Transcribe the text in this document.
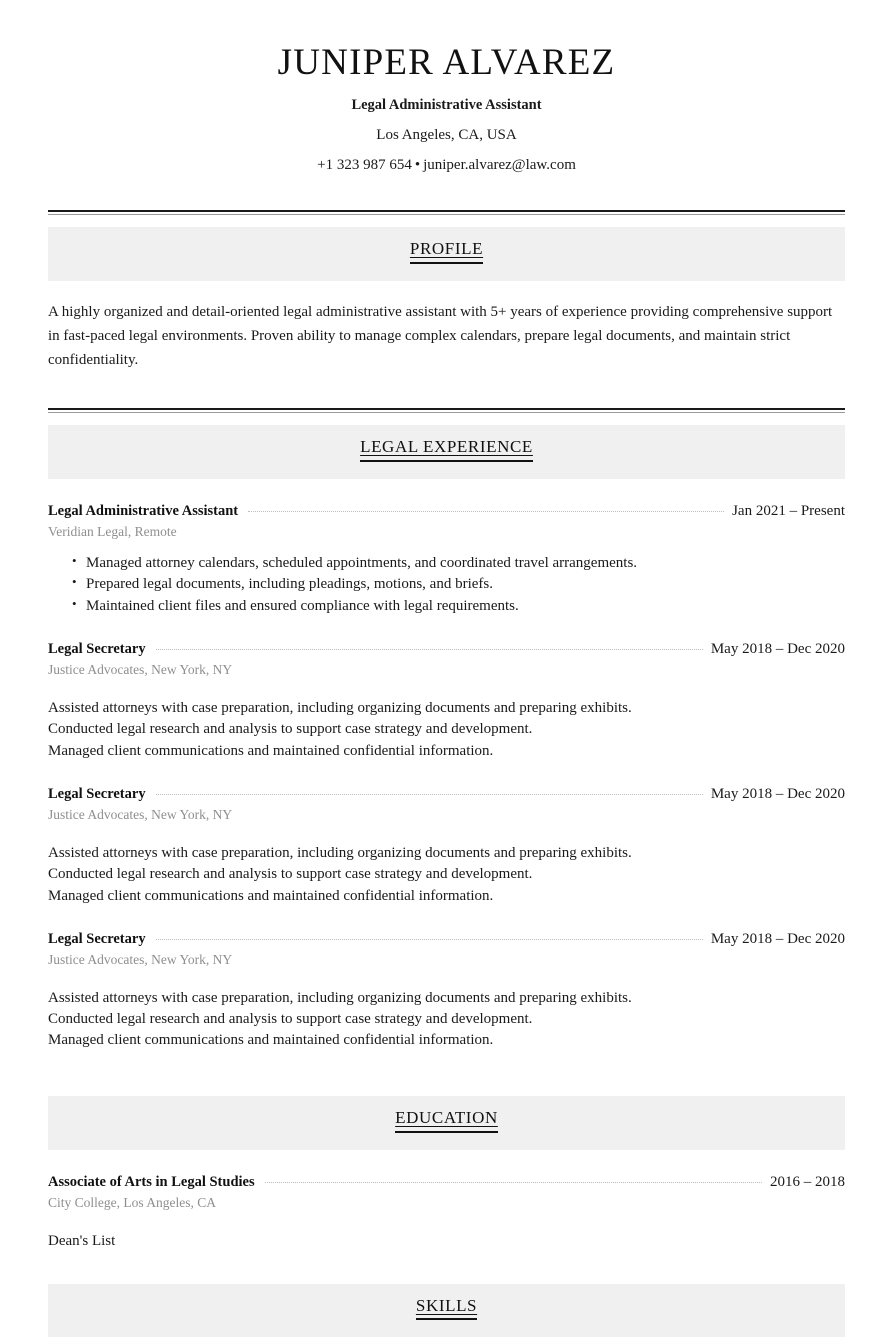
JUNIPER ALVAREZ
Legal Administrative Assistant
Los Angeles, CA, USA
+1 323 987 654 • juniper.alvarez@law.com
PROFILE

A highly organized and detail-oriented legal administrative assistant with 5+ years of experience providing comprehensive support in fast-paced legal environments. Proven ability to manage complex calendars, prepare legal documents, and maintain strict confidentiality.

LEGAL EXPERIENCE
Legal Administrative Assistant	Jan 2021 – Present
Veridian Legal, Remote
• Managed attorney calendars, scheduled appointments, and coordinated travel arrangements.
• Prepared legal documents, including pleadings, motions, and briefs.
• Maintained client files and ensured compliance with legal requirements.
Legal Secretary	May 2018 – Dec 2020
Justice Advocates, New York, NY

Assisted attorneys with case preparation, including organizing documents and preparing exhibits.

Conducted legal research and analysis to support case strategy and development.

Managed client communications and maintained confidential information.

Legal Secretary	May 2018 – Dec 2020
Justice Advocates, New York, NY

Assisted attorneys with case preparation, including organizing documents and preparing exhibits.

Conducted legal research and analysis to support case strategy and development.

Managed client communications and maintained confidential information.

Legal Secretary	May 2018 – Dec 2020
Justice Advocates, New York, NY

Assisted attorneys with case preparation, including organizing documents and preparing exhibits.

Conducted legal research and analysis to support case strategy and development.

Managed client communications and maintained confidential information.

EDUCATION
Associate of Arts in Legal Studies	2016 – 2018
City College, Los Angeles, CA
Dean's List
SKILLS
